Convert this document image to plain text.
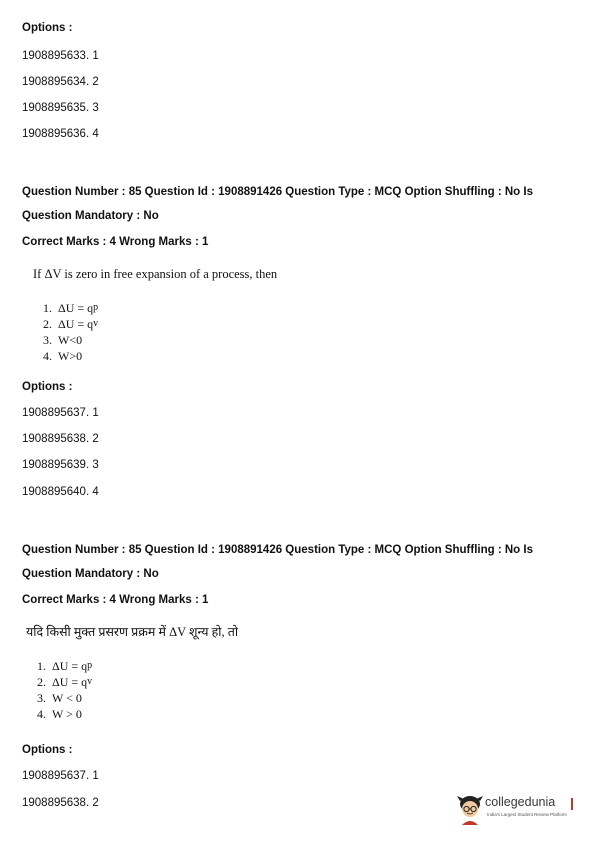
Options :
1908895633. 1
1908895634. 2
1908895635. 3
1908895636. 4
Question Number : 85 Question Id : 1908891426 Question Type : MCQ Option Shuffling : No Is
Question Mandatory : No
Correct Marks : 4 Wrong Marks : 1
If ΔV is zero in free expansion of a process, then
1. ΔU = q p
2. ΔU = q v
3. W<0
4. W>0
Options :
1908895637. 1
1908895638. 2
1908895639. 3
1908895640. 4
Question Number : 85 Question Id : 1908891426 Question Type : MCQ Option Shuffling : No Is
Question Mandatory : No
Correct Marks : 4 Wrong Marks : 1
यदि किसी मुक्त प्रसरण प्रक्रम में ΔV शून्य हो, तो
1. ΔU = q p
2. ΔU = q v
3. W < 0
4. W > 0
Options :
1908895637. 1
1908895638. 2	collegedunia
India's Largest Student Review Platform
